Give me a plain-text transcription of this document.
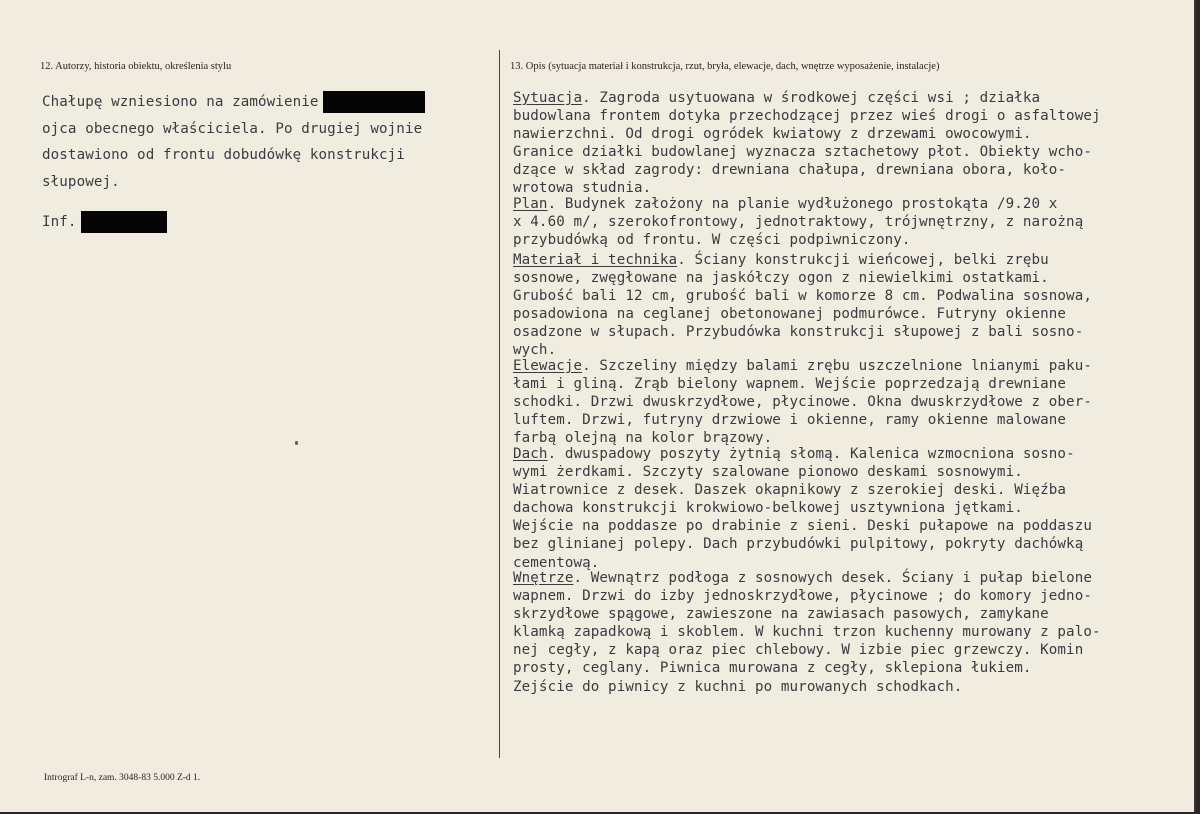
12. Autorzy, historia obiektu, określenia stylu	13. Opis (sytuacja materiał i konstrukcja, rzut, bryła, elewacje, dach, wnętrze wyposażenie, instalacje)
Chałupę wzniesiono na zamówienie
ojca obecnego właściciela. Po drugiej wojnie
dostawiono od frontu dobudówkę konstrukcji
słupowej.
Inf.
Sytuacja. Zagroda usytuowana w środkowej części wsi ; działka
budowlana frontem dotyka przechodzącej przez wieś drogi o asfaltowej
nawierzchni. Od drogi ogródek kwiatowy z drzewami owocowymi.
Granice działki budowlanej wyznacza sztachetowy płot. Obiekty wcho-
dzące w skład zagrody: drewniana chałupa, drewniana obora, koło-
wrotowa studnia.
Plan. Budynek założony na planie wydłużonego prostokąta /9.20 x
x 4.60 m/, szerokofrontowy, jednotraktowy, trójwnętrzny, z narożną
przybudówką od frontu. W części podpiwniczony.
Materiał i technika. Ściany konstrukcji wieńcowej, belki zrębu
sosnowe, zwęgłowane na jaskółczy ogon z niewielkimi ostatkami.
Grubość bali 12 cm, grubość bali w komorze 8 cm. Podwalina sosnowa,
posadowiona na ceglanej obetonowanej podmurówce. Futryny okienne
osadzone w słupach. Przybudówka konstrukcji słupowej z bali sosno-
wych.
Elewacje. Szczeliny między balami zrębu uszczelnione lnianymi paku-
łami i gliną. Zrąb bielony wapnem. Wejście poprzedzają drewniane
schodki. Drzwi dwuskrzydłowe, płycinowe. Okna dwuskrzydłowe z ober-
luftem. Drzwi, futryny drzwiowe i okienne, ramy okienne malowane
farbą olejną na kolor brązowy.
Dach. dwuspadowy poszyty żytnią słomą. Kalenica wzmocniona sosno-
wymi żerdkami. Szczyty szalowane pionowo deskami sosnowymi.
Wiatrownice z desek. Daszek okapnikowy z szerokiej deski. Więźba
dachowa konstrukcji krokwiowo-belkowej usztywniona jętkami.
Wejście na poddasze po drabinie z sieni. Deski pułapowe na poddaszu
bez glinianej polepy. Dach przybudówki pulpitowy, pokryty dachówką
cementową.
Wnętrze. Wewnątrz podłoga z sosnowych desek. Ściany i pułap bielone
wapnem. Drzwi do izby jednoskrzydłowe, płycinowe ; do komory jedno-
skrzydłowe spągowe, zawieszone na zawiasach pasowych, zamykane
klamką zapadkową i skoblem. W kuchni trzon kuchenny murowany z palo-
nej cegły, z kapą oraz piec chlebowy. W izbie piec grzewczy. Komin
prosty, ceglany. Piwnica murowana z cegły, sklepiona łukiem.
Zejście do piwnicy z kuchni po murowanych schodkach.
Intrograf L-n, zam. 3048-83 5.000 Z-d 1.
